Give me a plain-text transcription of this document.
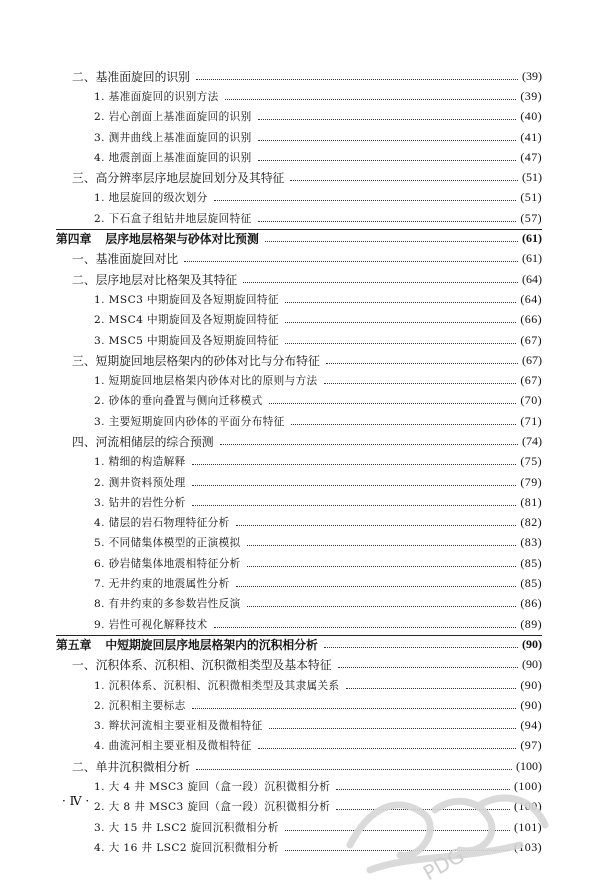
二、基准面旋回的识别	(39)
1. 基准面旋回的识别方法	(39)
2. 岩心剖面上基准面旋回的识别	(40)
3. 测井曲线上基准面旋回的识别	(41)
4. 地震剖面上基准面旋回的识别	(47)
三、高分辨率层序地层旋回划分及其特征	(51)
1. 地层旋回的级次划分	(51)
2. 下石盒子组钻井地层旋回特征	(57)
第四章 层序地层格架与砂体对比预测	(61)
一、基准面旋回对比	(61)
二、层序地层对比格架及其特征	(64)
1. MSC3 中期旋回及各短期旋回特征	(64)
2. MSC4 中期旋回及各短期旋回特征	(66)
3. MSC5 中期旋回及各短期旋回特征	(67)
三、短期旋回地层格架内的砂体对比与分布特征	(67)
1. 短期旋回地层格架内砂体对比的原则与方法	(67)
2. 砂体的垂向叠置与侧向迁移模式	(70)
3. 主要短期旋回内砂体的平面分布特征	(71)
四、河流相储层的综合预测	(74)
1. 精细的构造解释	(75)
2. 测井资料预处理	(79)
3. 钻井的岩性分析	(81)
4. 储层的岩石物理特征分析	(82)
5. 不同储集体模型的正演模拟	(83)
6. 砂岩储集体地震相特征分析	(85)
7. 无井约束的地震属性分析	(85)
8. 有井约束的多参数岩性反演	(86)
9. 岩性可视化解释技术	(89)
第五章 中短期旋回层序地层格架内的沉积相分析	(90)
一、沉积体系、沉积相、沉积微相类型及基本特征	(90)
1. 沉积体系、沉积相、沉积微相类型及其隶属关系	(90)
2. 沉积相主要标志	(90)
3. 辫状河流相主要亚相及微相特征	(94)
4. 曲流河相主要亚相及微相特征	(97)
二、单井沉积微相分析	(100)
1. 大 4 井 MSC3 旋回（盒一段）沉积微相分析	(100)
2. 大 8 井 MSC3 旋回（盒一段）沉积微相分析	(100)
3. 大 15 井 LSC2 旋回沉积微相分析	(101)
4. 大 16 井 LSC2 旋回沉积微相分析	(103)
· Ⅳ ·
PDG
